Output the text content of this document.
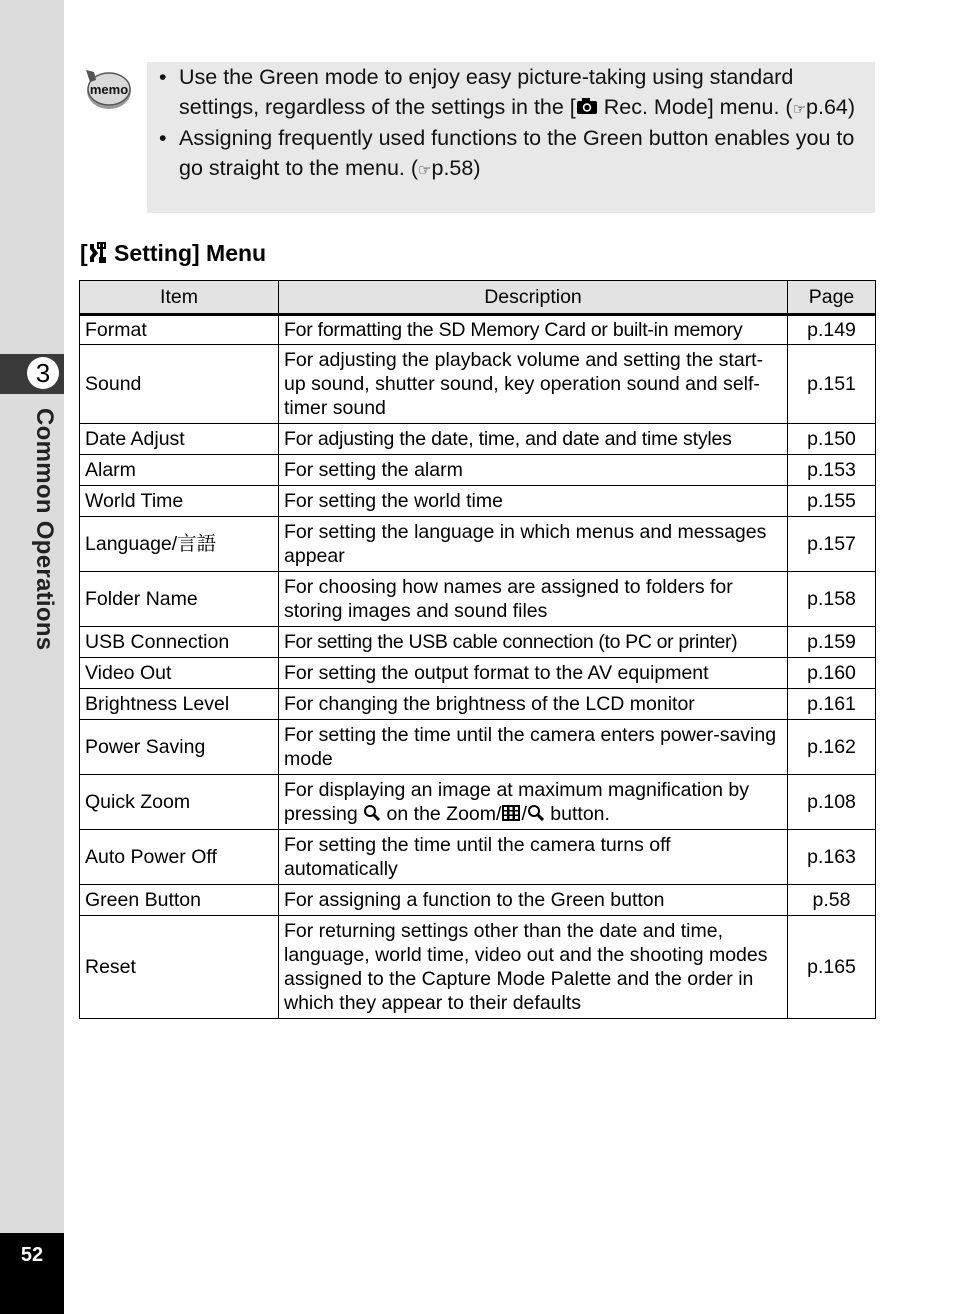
3
Common Operations
52
memo
• Use the Green mode to enjoy easy picture-taking using standard settings, regardless of the settings in the [ Rec. Mode] menu. (☞p.64)
• Assigning frequently used functions to the Green button enables you to go straight to the menu. (☞p.58)
[ Setting] Menu
Item	Description	Page
Format	For formatting the SD Memory Card or built-in memory	p.149
Sound	For adjusting the playback volume and setting the start-up sound, shutter sound, key operation sound and self-timer sound	p.151
Date Adjust	For adjusting the date, time, and date and time styles	p.150
Alarm	For setting the alarm	p.153
World Time	For setting the world time	p.155
Language/言語	For setting the language in which menus and messages appear	p.157
Folder Name	For choosing how names are assigned to folders for storing images and sound files	p.158
USB Connection	For setting the USB cable connection (to PC or printer)	p.159
Video Out	For setting the output format to the AV equipment	p.160
Brightness Level	For changing the brightness of the LCD monitor	p.161
Power Saving	For setting the time until the camera enters power-saving mode	p.162
Quick Zoom	For displaying an image at maximum magnification by pressing  on the Zoom/ / button.	p.108
Auto Power Off	For setting the time until the camera turns off automatically	p.163
Green Button	For assigning a function to the Green button	p.58
Reset	For returning settings other than the date and time, language, world time, video out and the shooting modes assigned to the Capture Mode Palette and the order in which they appear to their defaults	p.165
